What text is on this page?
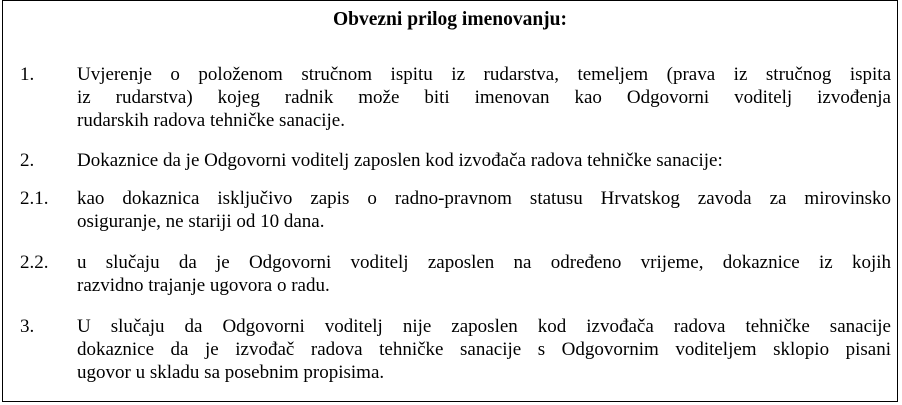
Obvezni prilog imenovanju:
1. Uvjerenje o položenom stručnom ispitu iz rudarstva, temeljem (prava iz stručnog ispita
iz rudarstva) kojeg radnik može biti imenovan kao Odgovorni voditelj izvođenja
rudarskih radova tehničke sanacije.
2. Dokaznice da je Odgovorni voditelj zaposlen kod izvođača radova tehničke sanacije:
2.1. kao dokaznica isključivo zapis o radno-pravnom statusu Hrvatskog zavoda za mirovinsko
osiguranje, ne stariji od 10 dana.
2.2. u slučaju da je Odgovorni voditelj zaposlen na određeno vrijeme, dokaznice iz kojih
razvidno trajanje ugovora o radu.
3. U slučaju da Odgovorni voditelj nije zaposlen kod izvođača radova tehničke sanacije
dokaznice da je izvođač radova tehničke sanacije s Odgovornim voditeljem sklopio pisani
ugovor u skladu sa posebnim propisima.
